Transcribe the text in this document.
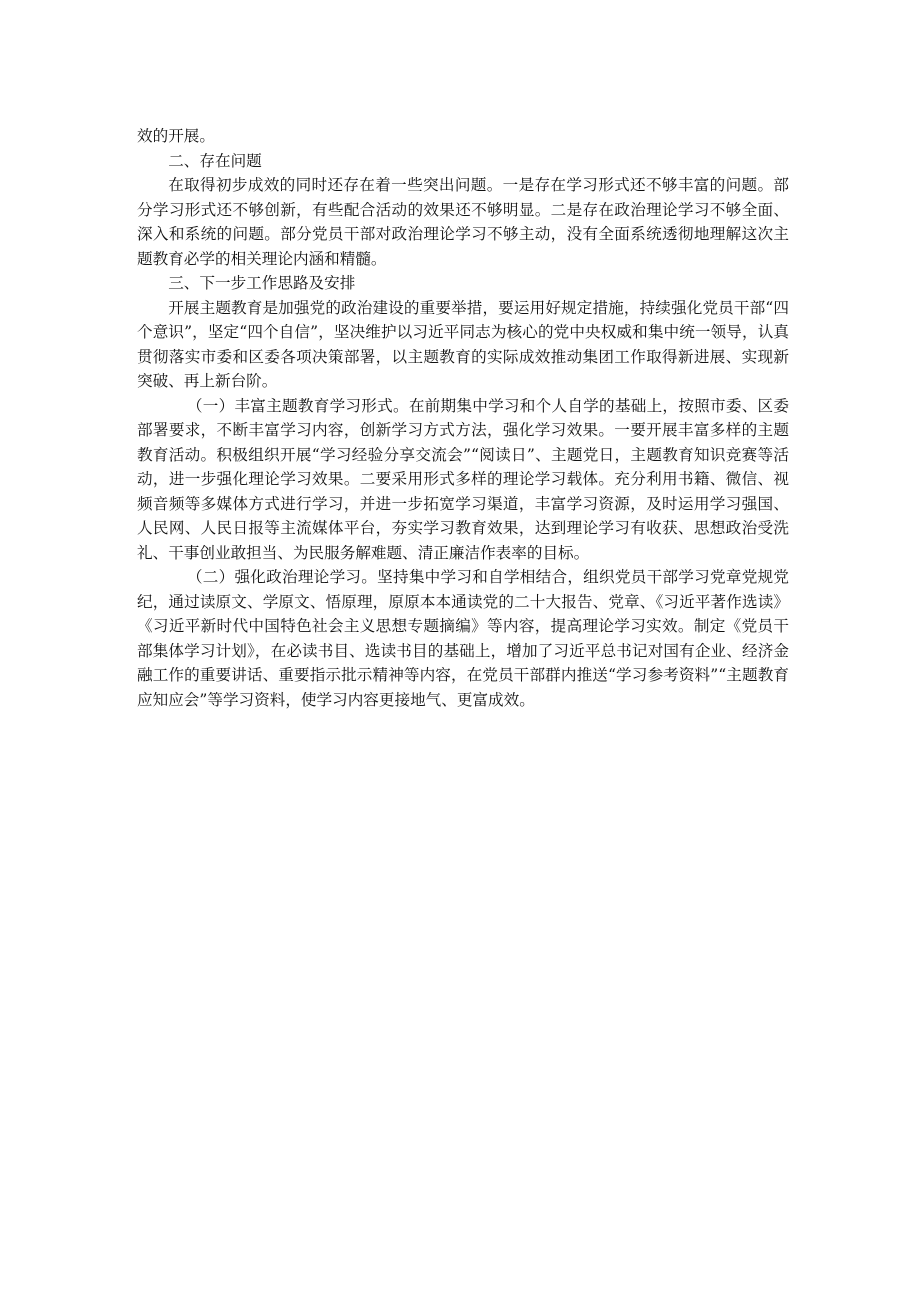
效的开展。

二、存在问题

在取得初步成效的同时还存在着一些突出问题。一是存在学习形式还不够丰富的问题。部分学习形式还不够创新，有些配合活动的效果还不够明显。二是存在政治理论学习不够全面、深入和系统的问题。部分党员干部对政治理论学习不够主动，没有全面系统透彻地理解这次主题教育必学的相关理论内涵和精髓。

三、下一步工作思路及安排

开展主题教育是加强党的政治建设的重要举措，要运用好规定措施，持续强化党员干部“四个意识”，坚定“四个自信”，坚决维护以习近平同志为核心的党中央权威和集中统一领导，认真贯彻落实市委和区委各项决策部署，以主题教育的实际成效推动集团工作取得新进展、实现新突破、再上新台阶。

（一）丰富主题教育学习形式。在前期集中学习和个人自学的基础上，按照市委、区委部署要求，不断丰富学习内容，创新学习方式方法，强化学习效果。一要开展丰富多样的主题教育活动。积极组织开展“学习经验分享交流会”“阅读日”、主题党日，主题教育知识竞赛等活动，进一步强化理论学习效果。二要采用形式多样的理论学习载体。充分利用书籍、微信、视频音频等多媒体方式进行学习，并进一步拓宽学习渠道，丰富学习资源，及时运用学习强国、人民网、人民日报等主流媒体平台，夯实学习教育效果，达到理论学习有收获、思想政治受洗礼、干事创业敢担当、为民服务解难题、清正廉洁作表率的目标。

（二）强化政治理论学习。坚持集中学习和自学相结合，组织党员干部学习党章党规党纪，通过读原文、学原文、悟原理，原原本本通读党的二十大报告、党章、《习近平著作选读》《习近平新时代中国特色社会主义思想专题摘编》等内容，提高理论学习实效。制定《党员干部集体学习计划》，在必读书目、选读书目的基础上，增加了习近平总书记对国有企业、经济金融工作的重要讲话、重要指示批示精神等内容，在党员干部群内推送“学习参考资料”“主题教育应知应会”等学习资料，使学习内容更接地气、更富成效。
